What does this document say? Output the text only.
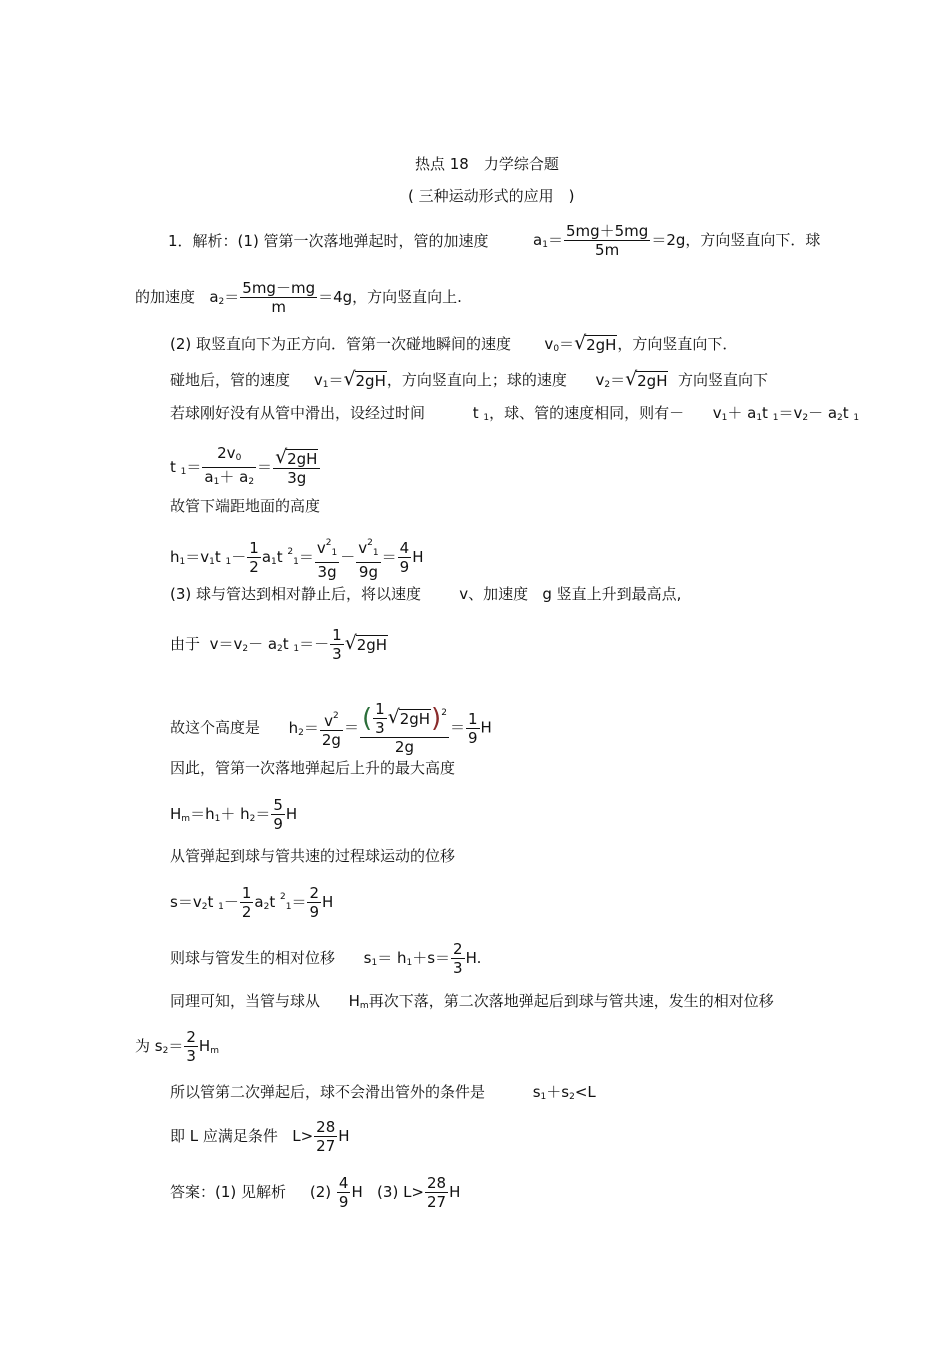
热点 18　力学综合题
( 三种运动形式的应用　)
1．解析：(1) 管第一次落地弹起时，管的加速度	$a_1= \frac{5mg+5mg}{5m} =2g$，方向竖直向下．球
的加速度 $a_2= \frac{5mg-mg}{m} =4g$，方向竖直向上.
(2) 取竖直向下为正方向．管第一次碰地瞬间的速度 $v_0=$ √ 2gH，方向竖直向下．
碰地后，管的速度 $v_1=$ √ 2gH，方向竖直向上；球的速度 $v_2=$ √ 2gH 方向竖直向下
若球刚好没有从管中滑出，设经过时间	t $_1$，球、管的速度相同，则有－ $v_1+ a_1t$ $_1=v_2- a_2t$ $_1$
t $_1= \frac{2v_0}{a_1+ a_2} = \frac{√ 2gH}{3g}$
故管下端距地面的高度
$h_1=v_1t$ $_1- \frac{1}{2} a_1t$ $^2_1= \frac{v^2_1}{3g} - \frac{v^2_1}{9g} = \frac{4}{9}$ H
(3) 球与管达到相对静止后，将以速度	v、加速度 g 竖直上升到最高点,
由于 $v=v_2- a_2t$ $_1=- \frac{1}{3}$ √ 2gH
故这个高度是 $h_2= \frac{v^2}{2g} = \frac{( \frac{1}{3} √ 2gH)^2}{2g} = \frac{1}{9}$ H
因此，管第一次落地弹起后上升的最大高度
$H_m=h_1+ h_2= \frac{5}{9}$ H
从管弹起到球与管共速的过程球运动的位移
$s=v_2t$ $_1- \frac{1}{2} a_2t$ $^2_1= \frac{2}{9}$ H
则球与管发生的相对位移 $s_1= h_1+s= \frac{2}{3} H$.
同理可知，当管与球从 $H_m$再次下落，第二次落地弹起后到球与管共速，发生的相对位移
为 $s_2= \frac{2}{3} H_m$
所以管第二次弹起后，球不会滑出管外的条件是	$s_1+s_2<L$
即 L 应满足条件 $L> \frac{28}{27}$ H
答案：(1) 见解析 $(2) \frac{4}{9}$ H (3) $L> \frac{28}{27}$ H
